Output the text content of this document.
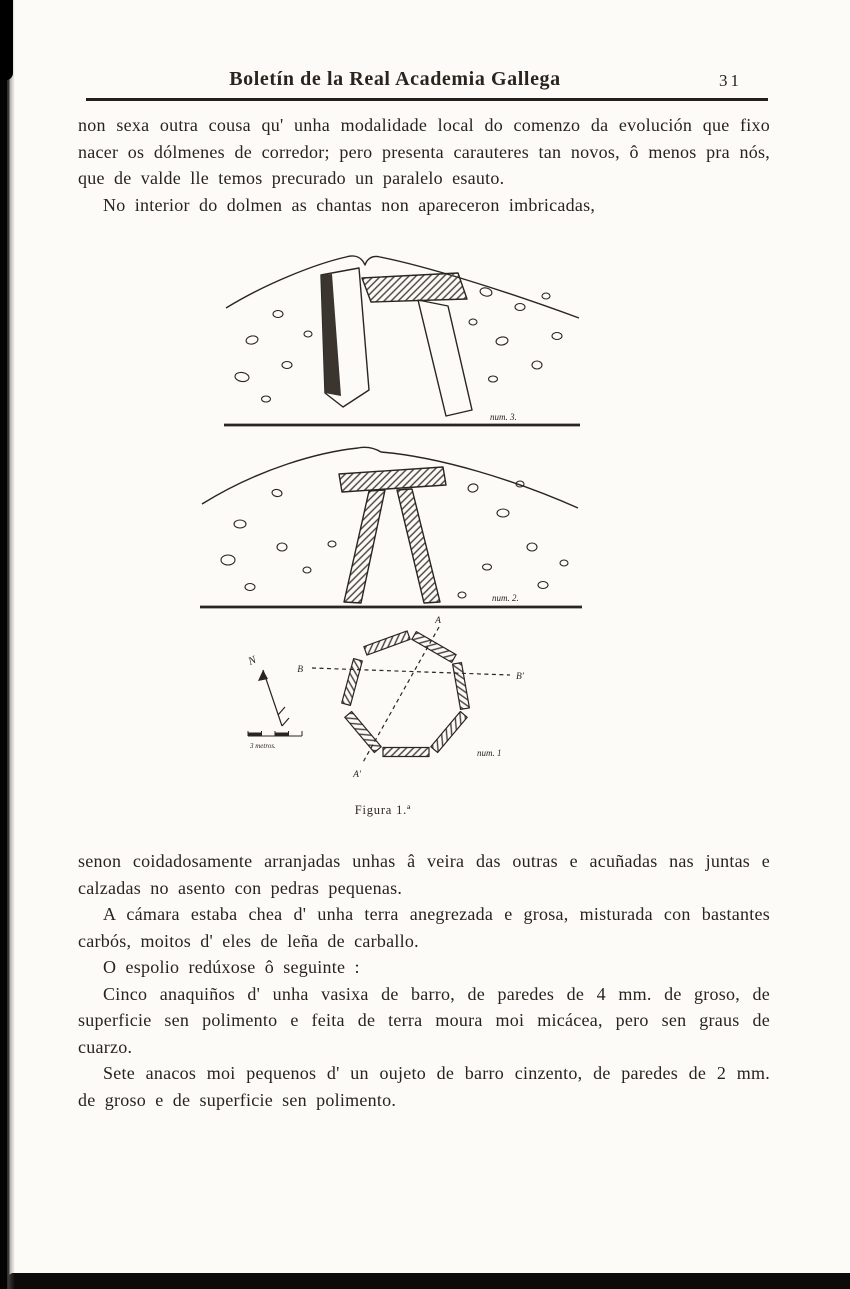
Boletín de la Real Academia Gallega	31

non sexa outra cousa qu' unha modalidade local do comenzo da evolución que fixo nacer os dólmenes de corredor; pero presenta carauteres tan novos, ô menos pra nós, que de valde lle temos precurado un paralelo esauto.

No interior do dolmen as chantas non apareceron imbricadas,

num. 3.
num. 2.
A
A'
B
B'
N
3 metros.
num. 1
Figura 1.ª

senon coidadosamente arranjadas unhas â veira das outras e acuñadas nas juntas e calzadas no asento con pedras pequenas.

A cámara estaba chea d' unha terra anegrezada e grosa, misturada con bastantes carbós, moitos d' eles de leña de carballo.

O espolio redúxose ô seguinte :

Cinco anaquiños d' unha vasixa de barro, de paredes de 4 mm. de groso, de superficie sen polimento e feita de terra moura moi micácea, pero sen graus de cuarzo.

Sete anacos moi pequenos d' un oujeto de barro cinzento, de paredes de 2 mm. de groso e de superficie sen polimento.
